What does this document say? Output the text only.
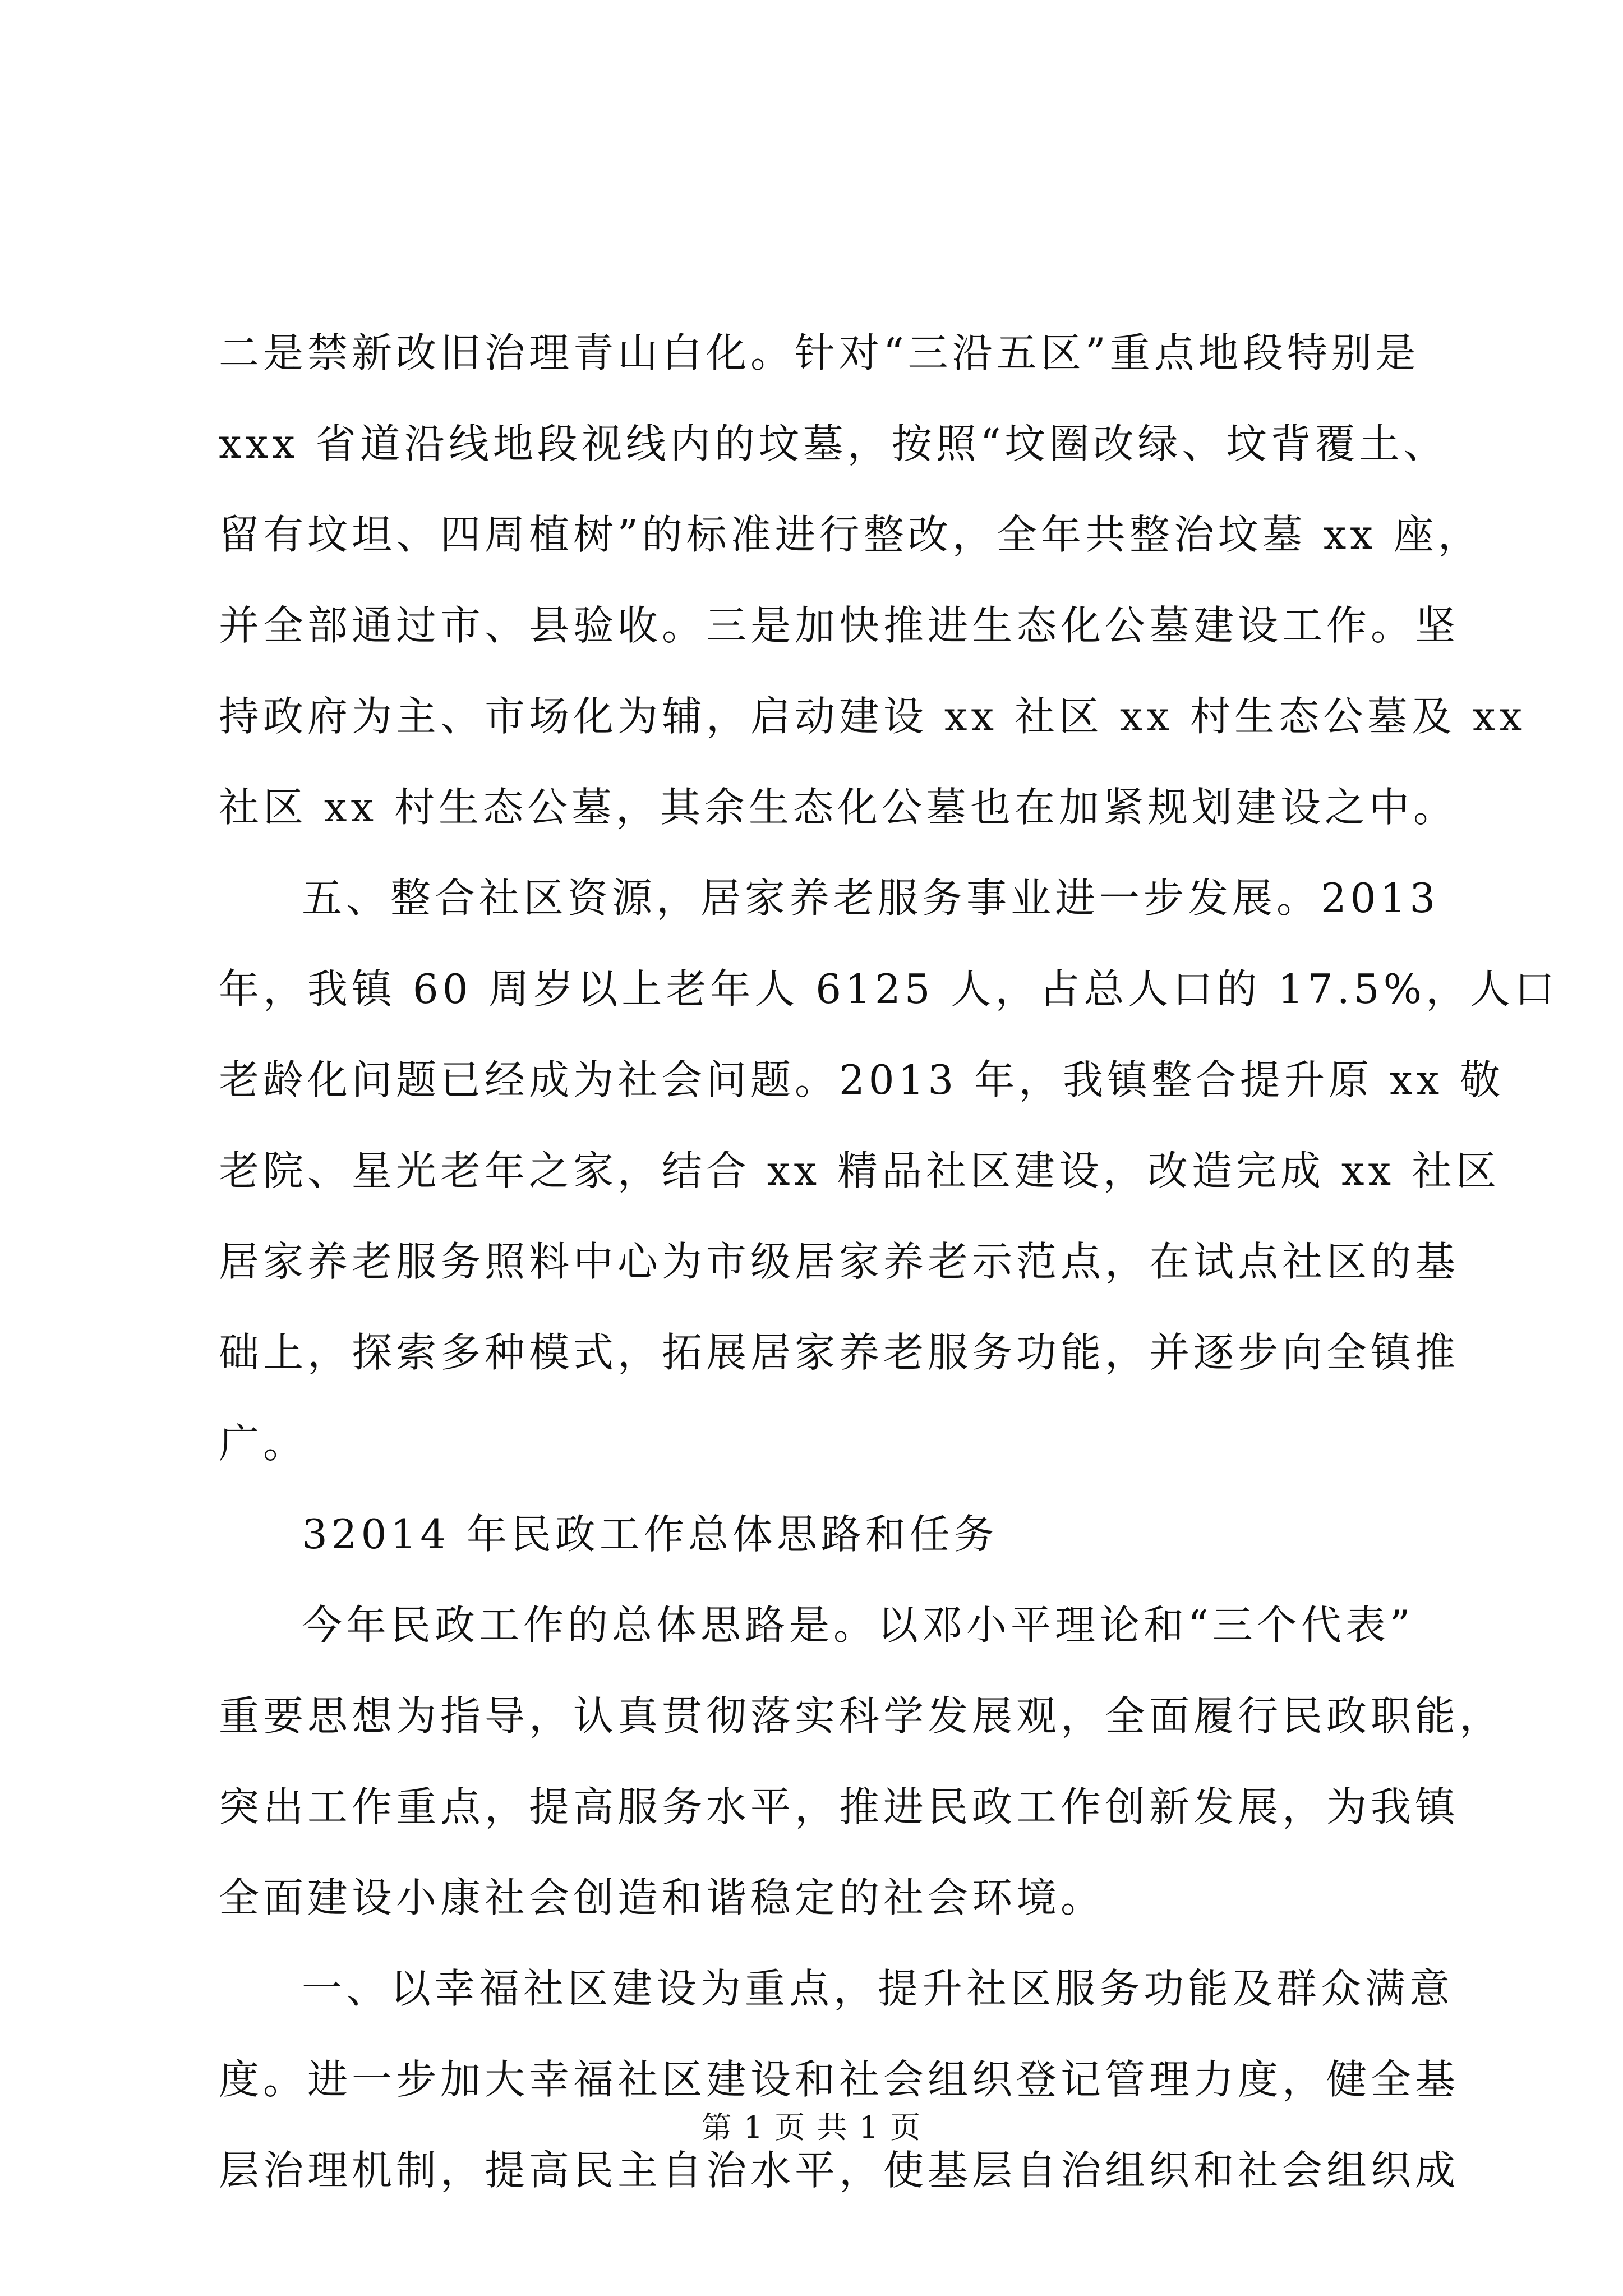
二是禁新改旧治理青山白化。针对“三沿五区”重点地段特别是
xxx 省道沿线地段视线内的坟墓，按照“坟圈改绿、坟背覆土、
留有坟坦、四周植树”的标准进行整改，全年共整治坟墓 xx 座，
并全部通过市、县验收。三是加快推进生态化公墓建设工作。坚
持政府为主、市场化为辅，启动建设 xx 社区 xx 村生态公墓及 xx
社区 xx 村生态公墓，其余生态化公墓也在加紧规划建设之中。
五、整合社区资源，居家养老服务事业进一步发展。2013
年，我镇 60 周岁以上老年人 6125 人，占总人口的 17.5%，人口
老龄化问题已经成为社会问题。2013 年，我镇整合提升原 xx 敬
老院、星光老年之家，结合 xx 精品社区建设，改造完成 xx 社区
居家养老服务照料中心为市级居家养老示范点，在试点社区的基
础上，探索多种模式，拓展居家养老服务功能，并逐步向全镇推
广。
32014 年民政工作总体思路和任务
今年民政工作的总体思路是。以邓小平理论和“三个代表”
重要思想为指导，认真贯彻落实科学发展观，全面履行民政职能，
突出工作重点，提高服务水平，推进民政工作创新发展，为我镇
全面建设小康社会创造和谐稳定的社会环境。
一、以幸福社区建设为重点，提升社区服务功能及群众满意
度。进一步加大幸福社区建设和社会组织登记管理力度，健全基
层治理机制，提高民主自治水平，使基层自治组织和社会组织成
第 1 页 共 1 页
